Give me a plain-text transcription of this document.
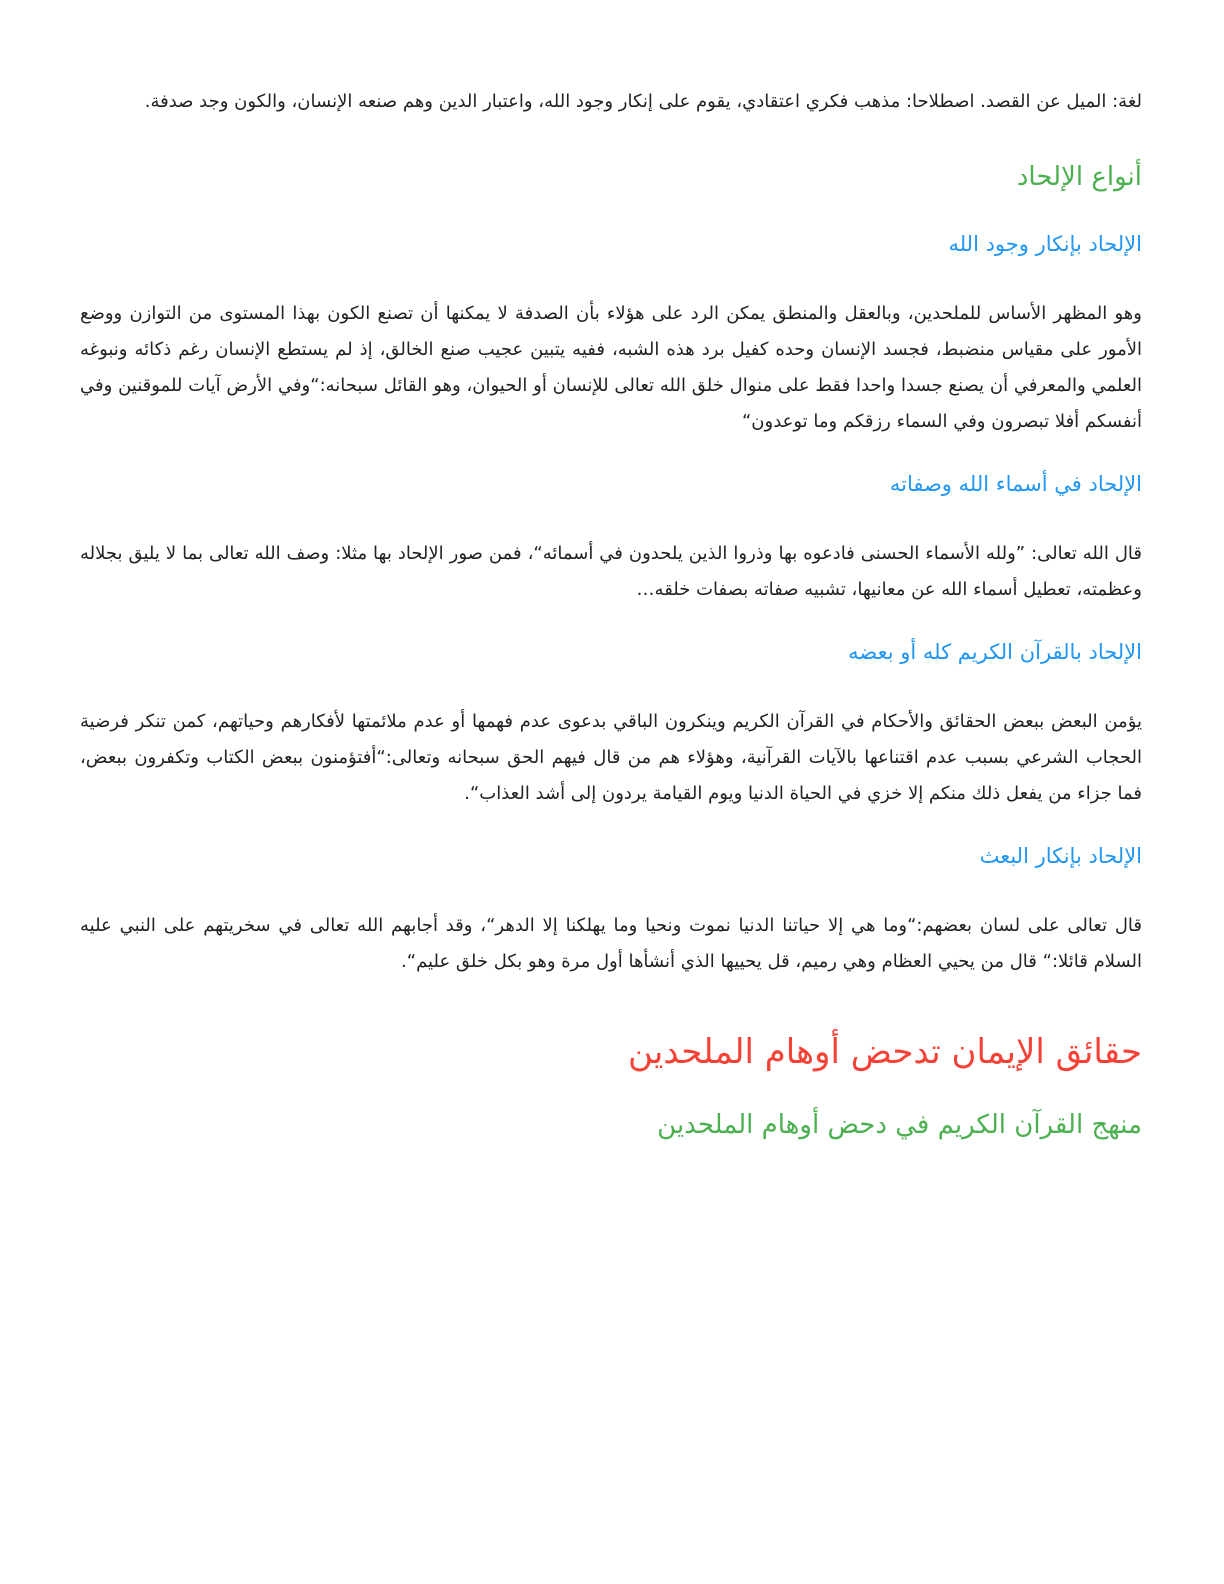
لغة: الميل عن القصد. اصطلاحا: مذهب فكري اعتقادي، يقوم على إنكار وجود الله، واعتبار الدين وهم صنعه الإنسان، والكون وجد صدفة.

أنواع الإلحاد
الإلحاد بإنكار وجود الله

وهو المظهر الأساس للملحدين، وبالعقل والمنطق يمكن الرد على هؤلاء بأن الصدفة لا يمكنها أن تصنع الكون بهذا المستوى من التوازن ووضع الأمور على مقياس منضبط، فجسد الإنسان وحده كفيل برد هذه الشبه، ففيه يتبين عجيب صنع الخالق، إذ لم يستطع الإنسان رغم ذكائه ونبوغه العلمي والمعرفي أن يصنع جسدا واحدا فقط على منوال خلق الله تعالى للإنسان أو الحيوان، وهو القائل سبحانه:“وفي الأرض آيات للموقنين وفي أنفسكم أفلا تبصرون وفي السماء رزقكم وما توعدون“

الإلحاد في أسماء الله وصفاته

قال الله تعالى: ”ولله الأسماء الحسنى فادعوه بها وذروا الذين يلحدون في أسمائه“، فمن صور الإلحاد بها مثلا: وصف الله تعالى بما لا يليق بجلاله وعظمته، تعطيل أسماء الله عن معانيها، تشبيه صفاته بصفات خلقه…

الإلحاد بالقرآن الكريم كله أو بعضه

يؤمن البعض ببعض الحقائق والأحكام في القرآن الكريم وينكرون الباقي بدعوى عدم فهمها أو عدم ملائمتها لأفكارهم وحياتهم، كمن تنكر فرضية الحجاب الشرعي بسبب عدم اقتناعها بالآيات القرآنية، وهؤلاء هم من قال فيهم الحق سبحانه وتعالى:“أفتؤمنون ببعض الكتاب وتكفرون ببعض، فما جزاء من يفعل ذلك منكم إلا خزي في الحياة الدنيا ويوم القيامة يردون إلى أشد العذاب“.

الإلحاد بإنكار البعث

قال تعالى على لسان بعضهم:“وما هي إلا حياتنا الدنيا نموت ونحيا وما يهلكنا إلا الدهر“، وقد أجابهم الله تعالى في سخريتهم على النبي عليه السلام قائلا:“ قال من يحيي العظام وهي رميم، قل يحييها الذي أنشأها أول مرة وهو بكل خلق عليم“.

حقائق الإيمان تدحض أوهام الملحدين
منهج القرآن الكريم في دحض أوهام الملحدين
